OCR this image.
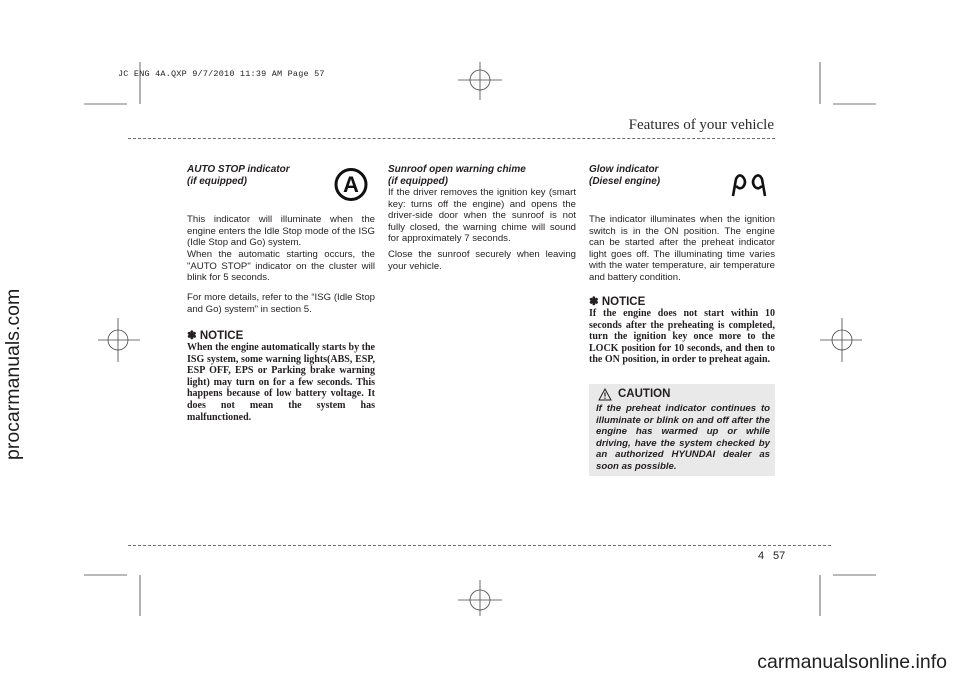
JC ENG 4A.QXP 9/7/2010 11:39 AM Page 57
procarmanuals.com
carmanualsonline.info
Features of your vehicle
AUTO STOP indicator
(if equipped)	A
This indicator will illuminate when the engine enters the Idle Stop mode of the ISG (Idle Stop and Go) system.
When the automatic starting occurs, the "AUTO STOP" indicator on the cluster will blink for 5 seconds.
For more details, refer to the “ISG (Idle Stop and Go) system” in section 5.
✽ NOTICE
When the engine automatically starts by the ISG system, some warning lights(ABS, ESP, ESP OFF, EPS or Parking brake warning light) may turn on for a few seconds. This happens because of low battery voltage. It does not mean the system has malfunctioned.
Sunroof open warning chime
(if equipped)
If the driver removes the ignition key (smart key: turns off the engine) and opens the driver-side door when the sunroof is not fully closed, the warning chime will sound for approximately 7 seconds.
Close the sunroof securely when leaving your vehicle.
Glow indicator
(Diesel engine)
The indicator illuminates when the ignition switch is in the ON position. The engine can be started after the preheat indicator light goes off. The illuminating time varies with the water temperature, air temperature and battery condition.
✽ NOTICE
If the engine does not start within 10 seconds after the preheating is completed, turn the ignition key once more to the LOCK position for 10 seconds, and then to the ON position, in order to preheat again.
CAUTION
If the preheat indicator continues to illuminate or blink on and off after the engine has warmed up or while driving, have the system checked by an authorized HYUNDAI dealer as soon as possible.
4 57
